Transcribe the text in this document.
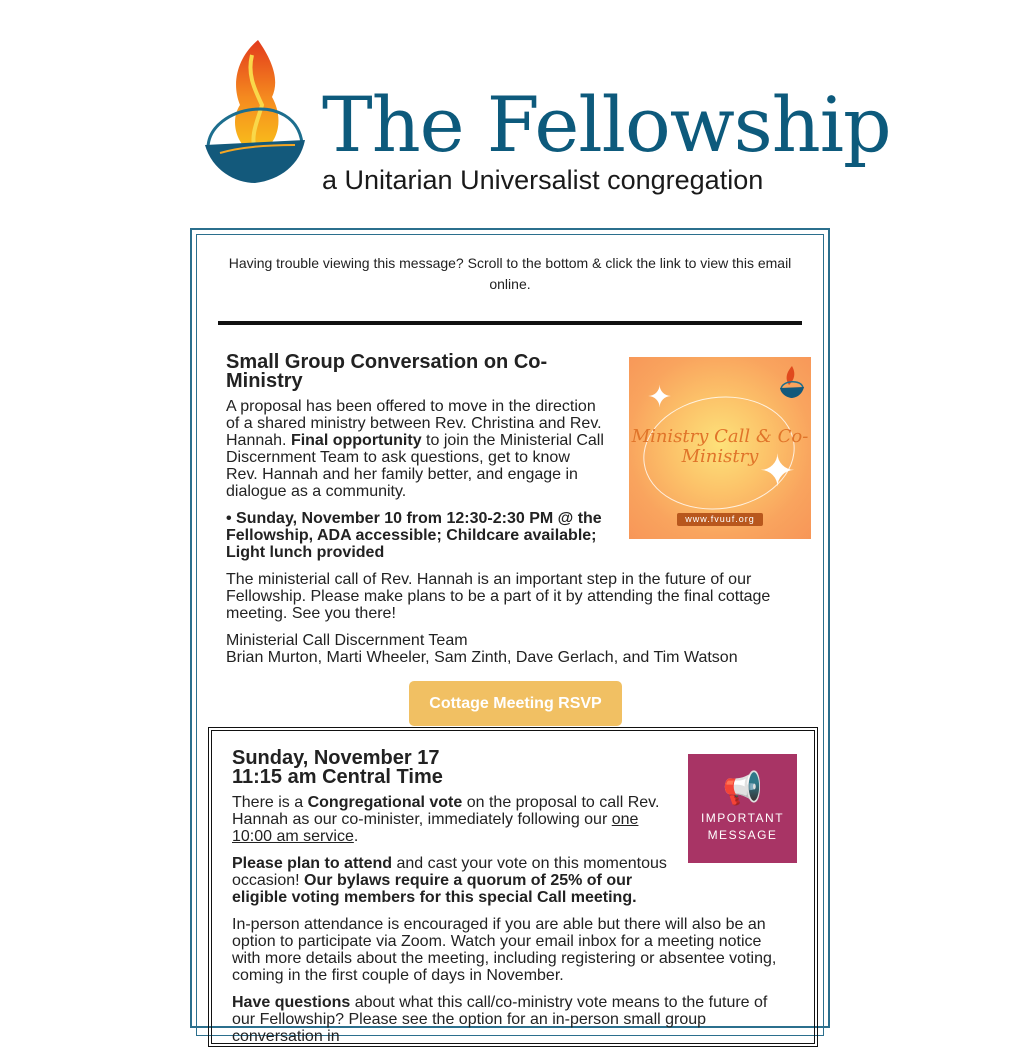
The Fellowship
a Unitarian Universalist congregation
Having trouble viewing this message? Scroll to the bottom & click the link to view this email online.
✦
✦
Ministry Call & Co-Ministry
www.fvuuf.org
Small Group Conversation on Co-Ministry

A proposal has been offered to move in the direction of a shared ministry between Rev. Christina and Rev. Hannah. Final opportunity to join the Ministerial Call Discernment Team to ask questions, get to know Rev. Hannah and her family better, and engage in dialogue as a community.

• Sunday, November 10 from 12:30-2:30 PM @ the Fellowship, ADA accessible; Childcare available; Light lunch provided

The ministerial call of Rev. Hannah is an important step in the future of our Fellowship. Please make plans to be a part of it by attending the final cottage meeting. See you there!

Ministerial Call Discernment Team

Brian Murton, Marti Wheeler, Sam Zinth, Dave Gerlach, and Tim Watson

Cottage Meeting RSVP
📢
IMPORTANT MESSAGE
Sunday, November 17
11:15 am Central Time

There is a Congregational vote on the proposal to call Rev. Hannah as our co-minister, immediately following our one 10:00 am service.

Please plan to attend and cast your vote on this momentous occasion! Our bylaws require a quorum of 25% of our eligible voting members for this special Call meeting.

In-person attendance is encouraged if you are able but there will also be an option to participate via Zoom. Watch your email inbox for a meeting notice with more details about the meeting, including registering or absentee voting, coming in the first couple of days in November.

Have questions about what this call/co-ministry vote means to the future of our Fellowship? Please see the option for an in-person small group conversation in
